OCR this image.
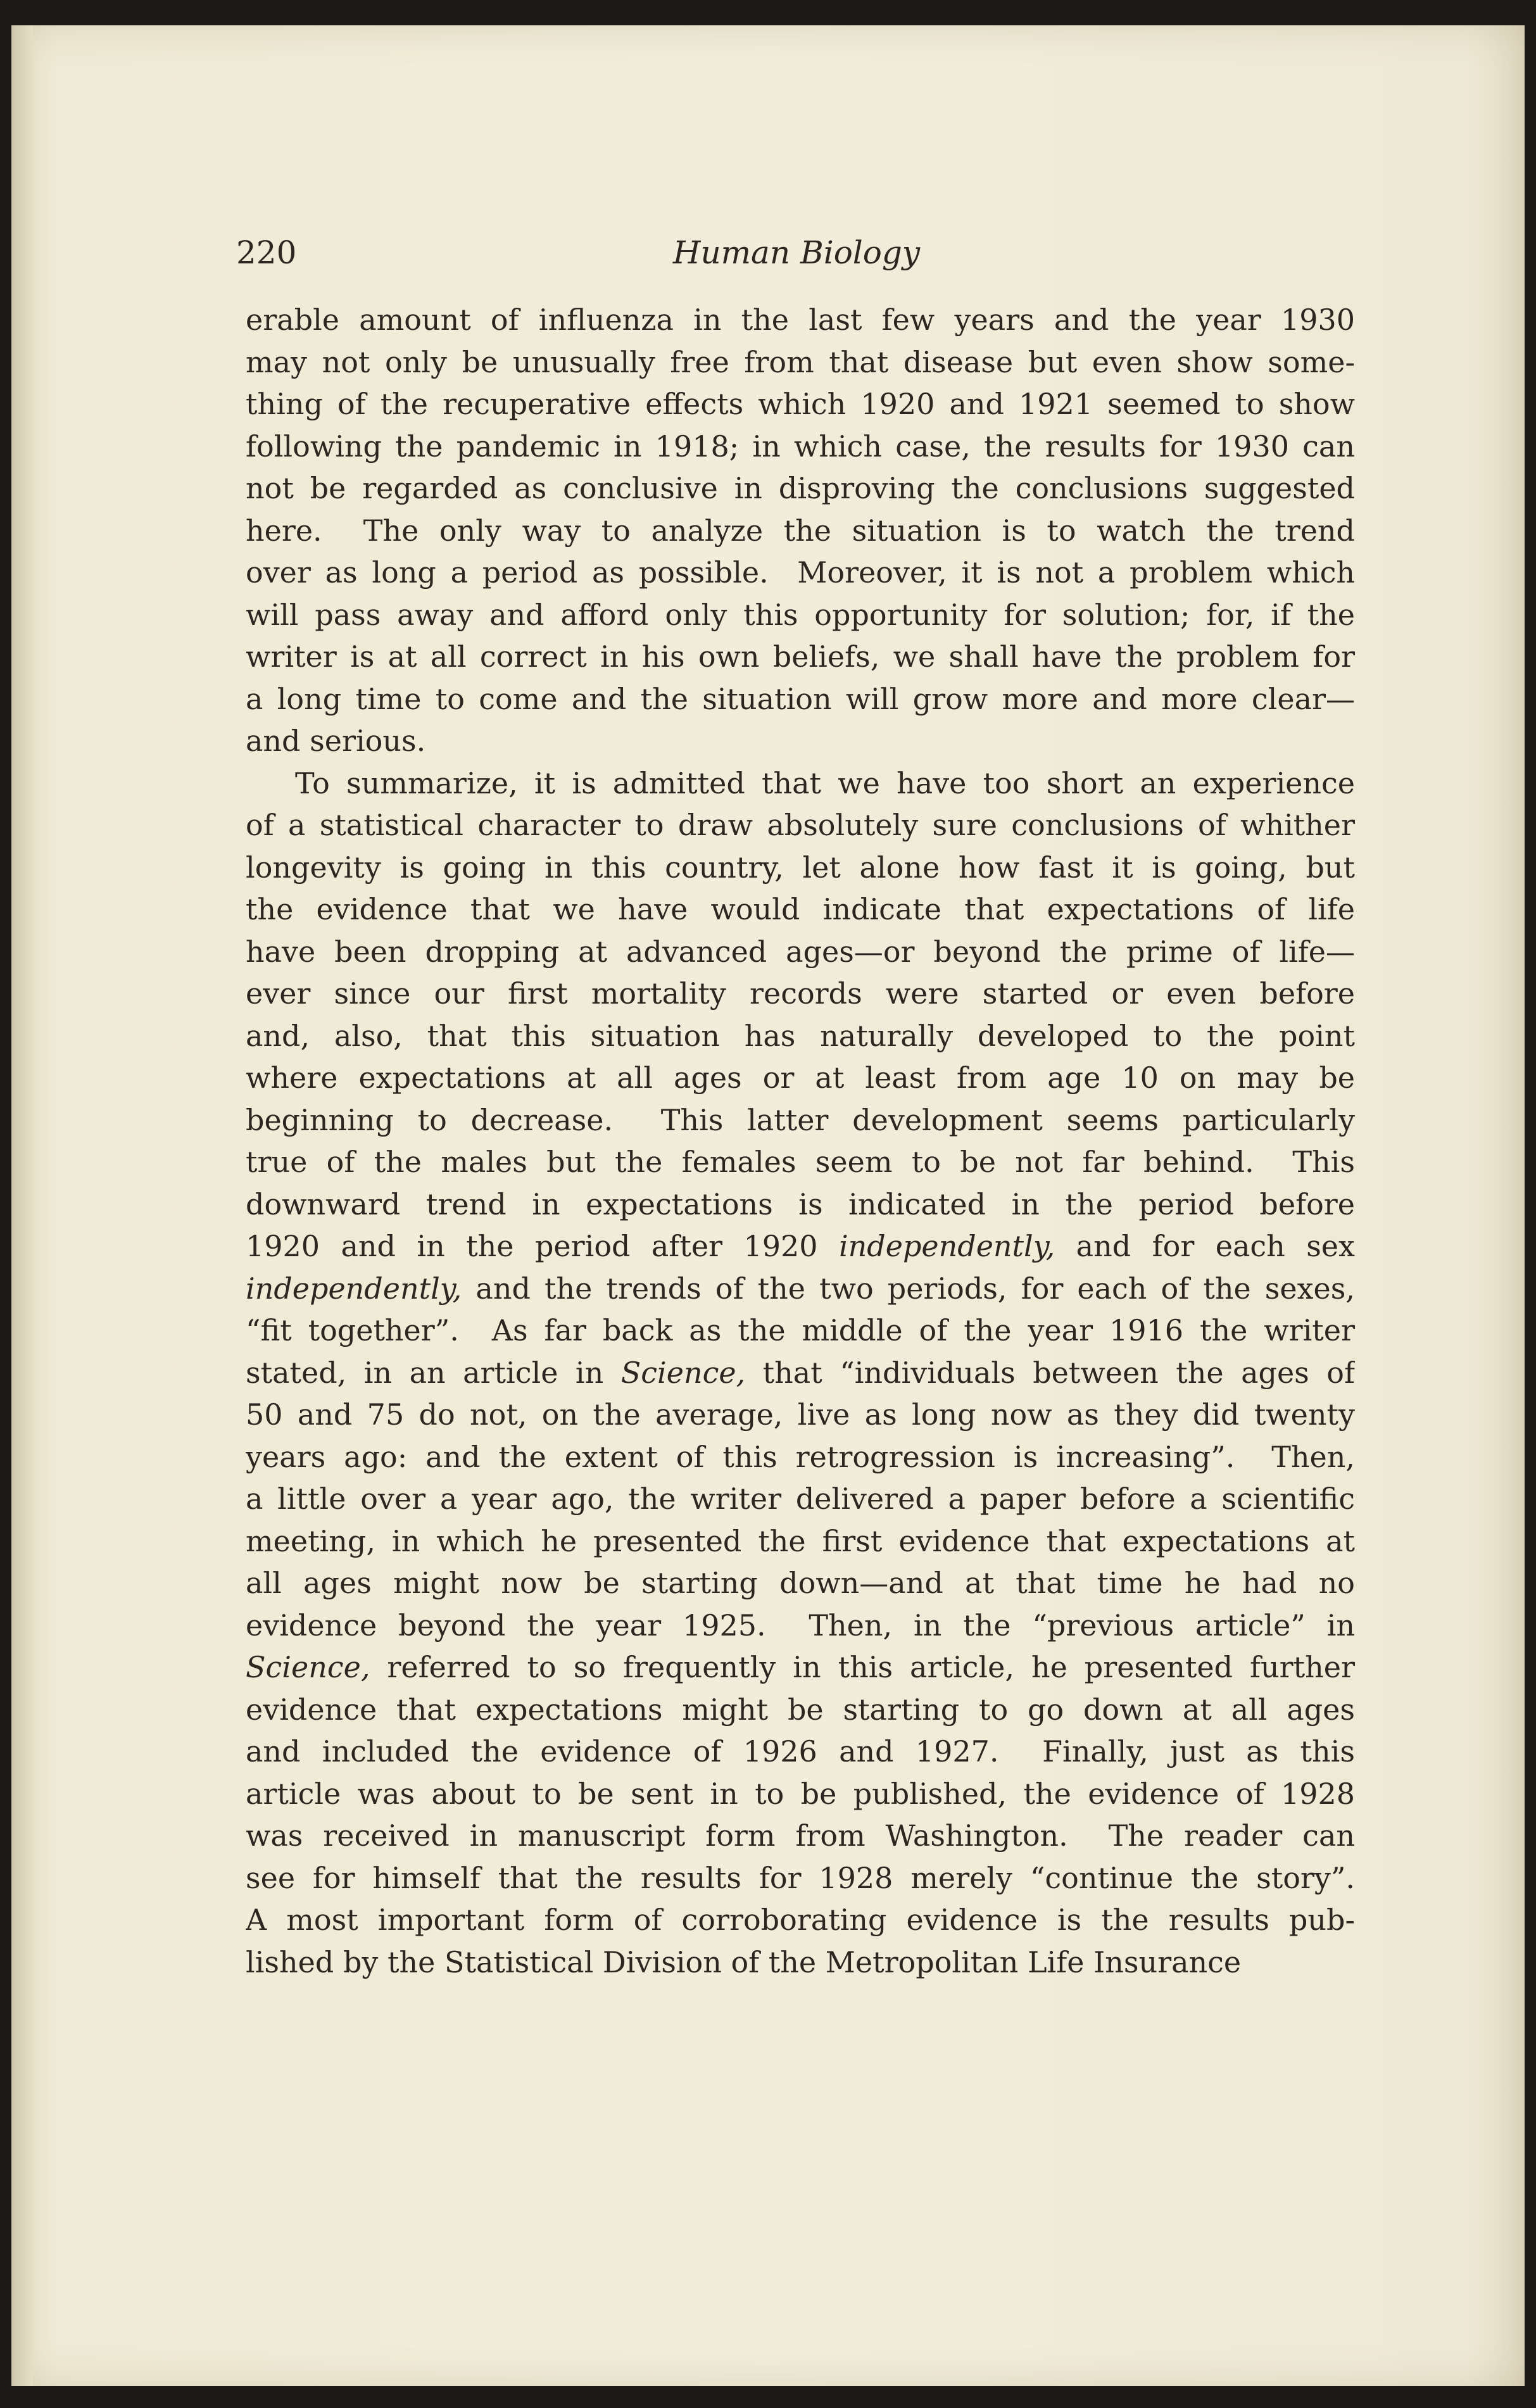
220	Human Biology
erable amount of influenza in the last few years and the year 1930
may not only be unusually free from that disease but even show some-
thing of the recuperative effects which 1920 and 1921 seemed to show
following the pandemic in 1918; in which case, the results for 1930 can
not be regarded as conclusive in disproving the conclusions suggested
here.  The only way to analyze the situation is to watch the trend
over as long a period as possible.  Moreover, it is not a problem which
will pass away and afford only this opportunity for solution; for, if the
writer is at all correct in his own beliefs, we shall have the problem for
a long time to come and the situation will grow more and more clear—
and serious.
To summarize, it is admitted that we have too short an experience
of a statistical character to draw absolutely sure conclusions of whither
longevity is going in this country, let alone how fast it is going, but
the evidence that we have would indicate that expectations of life
have been dropping at advanced ages—or beyond the prime of life—
ever since our first mortality records were started or even before
and, also, that this situation has naturally developed to the point
where expectations at all ages or at least from age 10 on may be
beginning to decrease.  This latter development seems particularly
true of the males but the females seem to be not far behind.  This
downward trend in expectations is indicated in the period before
1920 and in the period after 1920 independently, and for each sex
independently, and the trends of the two periods, for each of the sexes,
“fit together”.  As far back as the middle of the year 1916 the writer
stated, in an article in Science, that “individuals between the ages of
50 and 75 do not, on the average, live as long now as they did twenty
years ago: and the extent of this retrogression is increasing”.  Then,
a little over a year ago, the writer delivered a paper before a scientific
meeting, in which he presented the first evidence that expectations at
all ages might now be starting down—and at that time he had no
evidence beyond the year 1925.  Then, in the “previous article” in
Science, referred to so frequently in this article, he presented further
evidence that expectations might be starting to go down at all ages
and included the evidence of 1926 and 1927.  Finally, just as this
article was about to be sent in to be published, the evidence of 1928
was received in manuscript form from Washington.  The reader can
see for himself that the results for 1928 merely “continue the story”.
A most important form of corroborating evidence is the results pub-
lished by the Statistical Division of the Metropolitan Life Insurance
